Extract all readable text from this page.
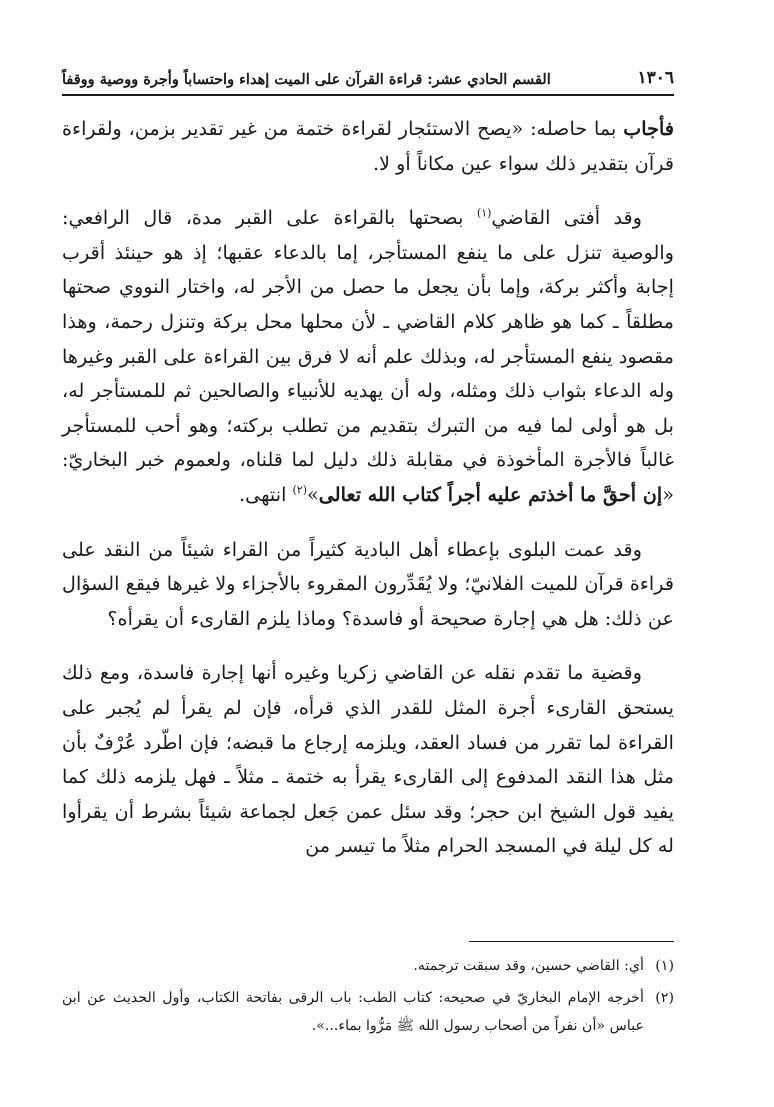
١٣٠٦
القسم الحادي عشر: قراءة القرآن على الميت إهداء واحتساباً وأجرة ووصية ووقفاً

فأجاب بما حاصله: «يصح الاستئجار لقراءة ختمة من غير تقدير بزمن، ولقراءة قرآن بتقدير ذلك سواء عين مكاناً أو لا.

وقد أفتى القاضي$^{(١)}$ بصحتها بالقراءة على القبر مدة، قال الرافعي: والوصية تنزل على ما ينفع المستأجر، إما بالدعاء عقبها؛ إذ هو حينئذ أقرب إجابة وأكثر بركة، وإما بأن يجعل ما حصل من الأجر له، واختار النووي صحتها مطلقاً ـ كما هو ظاهر كلام القاضي ـ لأن محلها محل بركة وتنزل رحمة، وهذا مقصود ينفع المستأجر له، وبذلك علم أنه لا فرق بين القراءة على القبر وغيرها وله الدعاء بثواب ذلك ومثله، وله أن يهديه للأنبياء والصالحين ثم للمستأجر له، بل هو أولى لما فيه من التبرك بتقديم من تطلب بركته؛ وهو أحب للمستأجر غالباً فالأجرة المأخوذة في مقابلة ذلك دليل لما قلناه، ولعموم خبر البخاريّ: «إن أحقَّ ما أخذتم عليه أجراً كتاب الله تعالى»$^{(٢)}$ انتهى.

وقد عمت البلوى بإعطاء أهل البادية كثيراً من القراء شيئاً من النقد على قراءة قرآن للميت الفلانيّ؛ ولا يُقَدِّرون المقروء بالأجزاء ولا غيرها فيقع السؤال عن ذلك: هل هي إجارة صحيحة أو فاسدة؟ وماذا يلزم القارىء أن يقرأه؟

وقضية ما تقدم نقله عن القاضي زكريا وغيره أنها إجارة فاسدة، ومع ذلك يستحق القارىء أجرة المثل للقدر الذي قرأه، فإن لم يقرأ لم يُجبر على القراءة لما تقرر من فساد العقد، ويلزمه إرجاع ما قبضه؛ فإن اطّرد عُرْفٌ بأن مثل هذا النقد المدفوع إلى القارىء يقرأ به ختمة ـ مثلاً ـ فهل يلزمه ذلك كما يفيد قول الشيخ ابن حجر؛ وقد سئل عمن جَعل لجماعة شيئاً بشرط أن يقرأوا له كل ليلة في المسجد الحرام مثلاً ما تيسر من

(١)
أي: القاضي حسين، وقد سبقت ترجمته.
(٢)
أخرجه الإمام البخاريّ في صحيحه: كتاب الطب: باب الرقى بفاتحة الكتاب، وأول الحديث عن ابن عباس «أن نفراً من أصحاب رسول الله ﷺ مَرُّوا بماء...».
